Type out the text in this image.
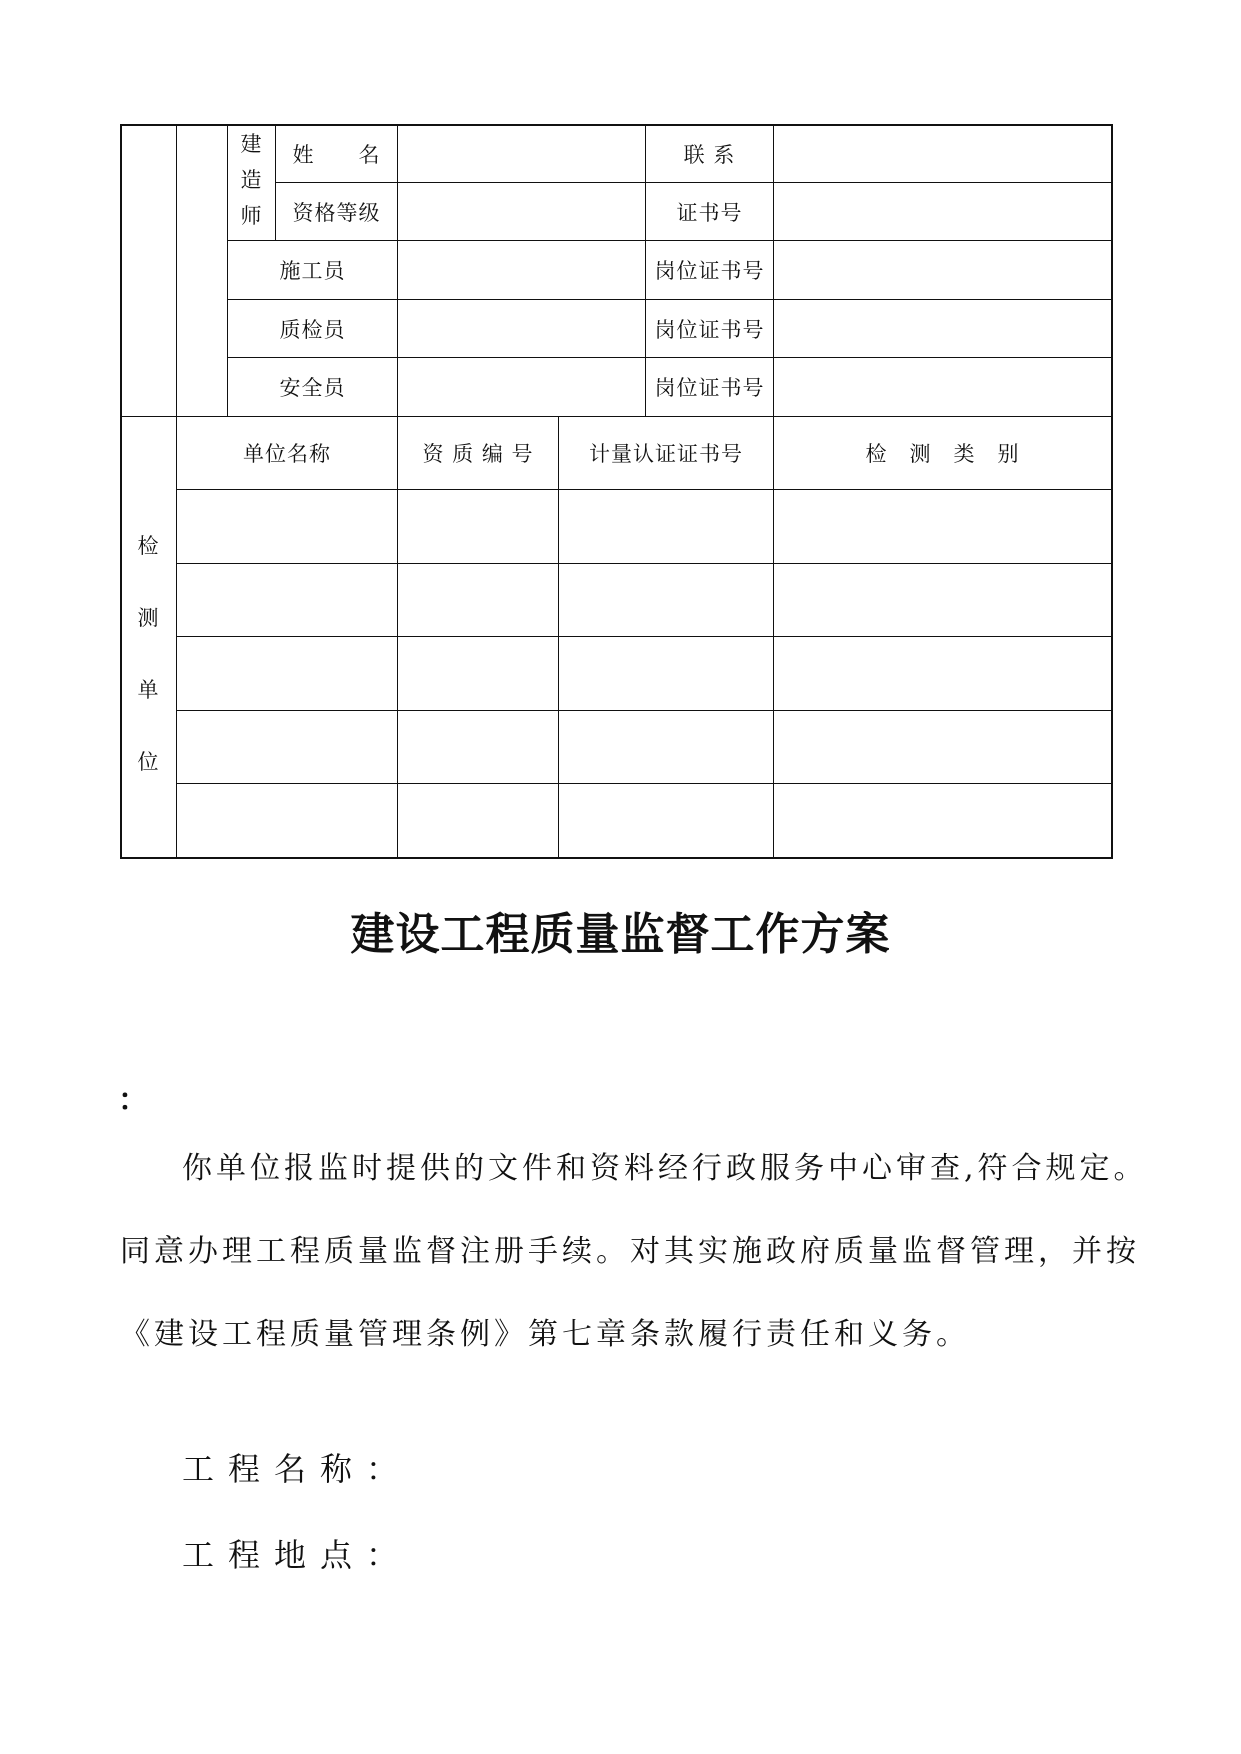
建
造
师
姓　　名	联 系
资格等级	证书号
施工员	岗位证书号
质检员	岗位证书号
安全员	岗位证书号
检
测
单
位
单位名称	资 质 编 号	计量认证证书号	检　测　类　别
建设工程质量监督工作方案
：
你单位报监时提供的文件和资料经行政服务中心审查,符合规定。
同意办理工程质量监督注册手续。对其实施政府质量监督管理，并按
《建设工程质量管理条例》第七章条款履行责任和义务。
工程名称：
工程地点：
